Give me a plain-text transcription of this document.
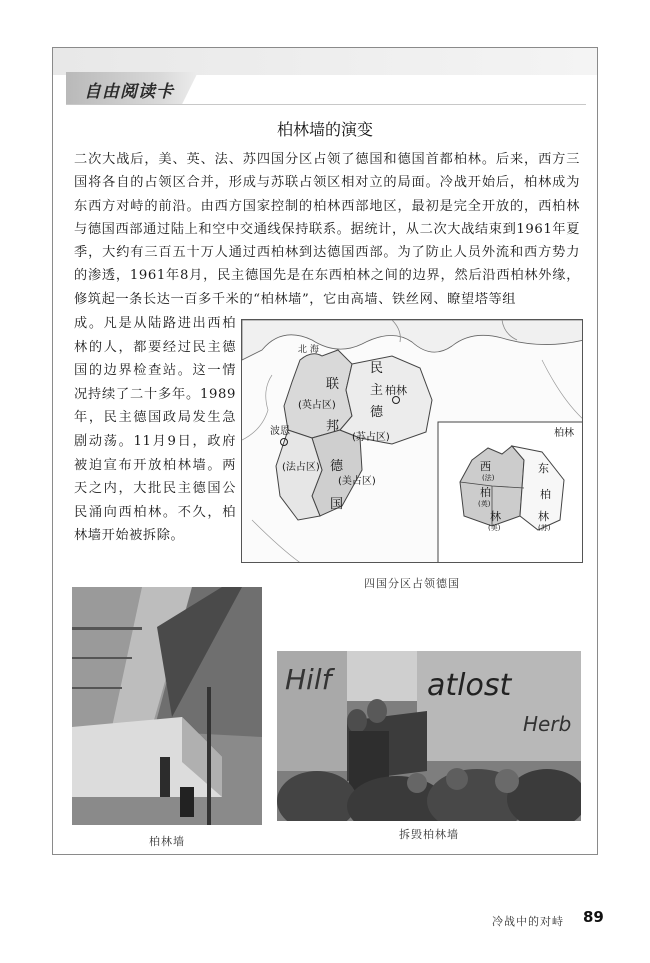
自由阅读卡
柏林墙的演变
二次大战后，美、英、法、苏四国分区占领了德国和德国首都柏林。后来，西方三国将各自的占领区合并，形成与苏联占领区相对立的局面。冷战开始后，柏林成为东西方对峙的前沿。由西方国家控制的柏林西部地区，最初是完全开放的，西柏林与德国西部通过陆上和空中交通线保持联系。据统计，从二次大战结束到1961年夏季，大约有三百五十万人通过西柏林到达德国西部。为了防止人员外流和西方势力的渗透，1961年8月，民主德国先是在东西柏林之间的边界，然后沿西柏林外缘，修筑起一条长达一百多千米的“柏林墙”，它由高墙、铁丝网、瞭望塔等组
成。凡是从陆路进出西柏林的人，都要经过民主德国的边界检查站。这一情况持续了二十多年。1989年，民主德国政局发生急剧动荡。11月9日，政府被迫宣布开放柏林墙。两天之内，大批民主德国公民涌向西柏林。不久，柏林墙开始被拆除。
北 海
民
主
德
柏林
联
邦
德
国
(英占区)
(苏占区)
波恩
(法占区)
(美占区)
柏林
西
柏
林
东
柏
林
(法)
(英)
(美)	(苏)
四国分区占领德国
柏林墙
Hilf	atlost
Herb
拆毁柏林墙
冷战中的对峙 89
